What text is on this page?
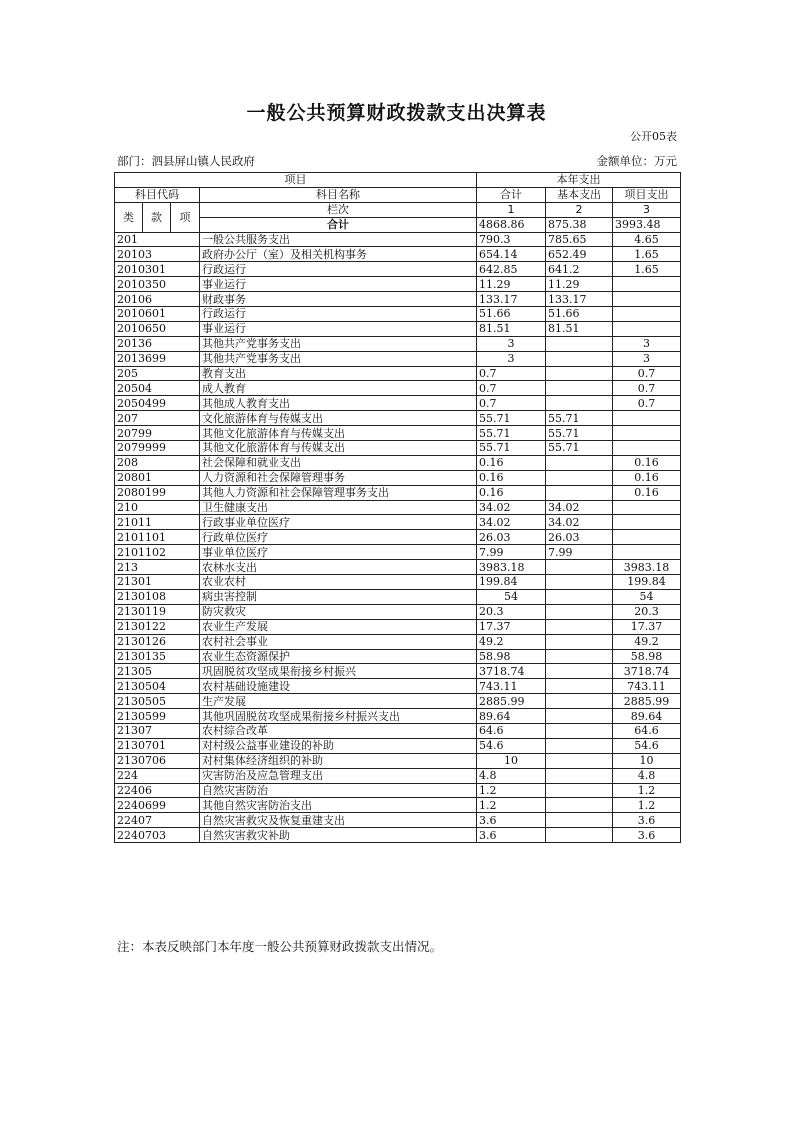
一般公共预算财政拨款支出决算表
公开05表
部门：泗县屏山镇人民政府	金额单位：万元
项目				本年支出		
科目代码			科目名称	合计	基本支出	项目支出
类	款	项	栏次	1	2	3
			合计	4868.86	875.38	3993.48
201			一般公共服务支出	790.3	785.65	4.65
20103			政府办公厅（室）及相关机构事务	654.14	652.49	1.65
2010301			行政运行	642.85	641.2	1.65
2010350			事业运行	11.29	11.29	
20106			财政事务	133.17	133.17	
2010601			行政运行	51.66	51.66	
2010650			事业运行	81.51	81.51	
20136			其他共产党事务支出	3		3
2013699			其他共产党事务支出	3		3
205			教育支出	0.7		0.7
20504			成人教育	0.7		0.7
2050499			其他成人教育支出	0.7		0.7
207			文化旅游体育与传媒支出	55.71	55.71	
20799			其他文化旅游体育与传媒支出	55.71	55.71	
2079999			其他文化旅游体育与传媒支出	55.71	55.71	
208			社会保障和就业支出	0.16		0.16
20801			人力资源和社会保障管理事务	0.16		0.16
2080199			其他人力资源和社会保障管理事务支出	0.16		0.16
210			卫生健康支出	34.02	34.02	
21011			行政事业单位医疗	34.02	34.02	
2101101			行政单位医疗	26.03	26.03	
2101102			事业单位医疗	7.99	7.99	
213			农林水支出	3983.18		3983.18
21301			农业农村	199.84		199.84
2130108			病虫害控制	54		54
2130119			防灾救灾	20.3		20.3
2130122			农业生产发展	17.37		17.37
2130126			农村社会事业	49.2		49.2
2130135			农业生态资源保护	58.98		58.98
21305			巩固脱贫攻坚成果衔接乡村振兴	3718.74		3718.74
2130504			农村基础设施建设	743.11		743.11
2130505			生产发展	2885.99		2885.99
2130599			其他巩固脱贫攻坚成果衔接乡村振兴支出	89.64		89.64
21307			农村综合改革	64.6		64.6
2130701			对村级公益事业建设的补助	54.6		54.6
2130706			对村集体经济组织的补助	10		10
224			灾害防治及应急管理支出	4.8		4.8
22406			自然灾害防治	1.2		1.2
2240699			其他自然灾害防治支出	1.2		1.2
22407			自然灾害救灾及恢复重建支出	3.6		3.6
2240703			自然灾害救灾补助	3.6		3.6
注：本表反映部门本年度一般公共预算财政拨款支出情况。
